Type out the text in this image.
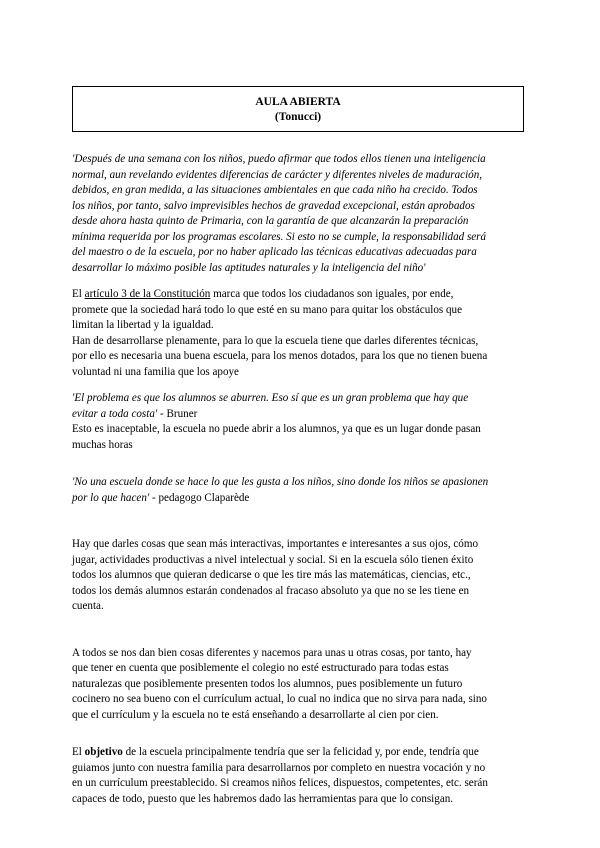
AULA ABIERTA
(Tonucci)

'Después de una semana con los niños, puedo afirmar que todos ellos tienen una inteligencia
normal, aun revelando evidentes diferencias de carácter y diferentes niveles de maduración,
debidos, en gran medida, a las situaciones ambientales en que cada niño ha crecido. Todos
los niños, por tanto, salvo imprevisibles hechos de gravedad excepcional, están aprobados
desde ahora hasta quinto de Primaria, con la garantía de que alcanzarán la preparación
mínima requerida por los programas escolares. Si esto no se cumple, la responsabilidad será
del maestro o de la escuela, por no haber aplicado las técnicas educativas adecuadas para
desarrollar lo máximo posible las aptitudes naturales y la inteligencia del niño'

El artículo 3 de la Constitución marca que todos los ciudadanos son iguales, por ende,
promete que la sociedad hará todo lo que esté en su mano para quitar los obstáculos que
limitan la libertad y la igualdad.
Han de desarrollarse plenamente, para lo que la escuela tiene que darles diferentes técnicas,
por ello es necesaria una buena escuela, para los menos dotados, para los que no tienen buena
voluntad ni una familia que los apoye

'El problema es que los alumnos se aburren. Eso sí que es un gran problema que hay que
evitar a toda costa' - Bruner
Esto es inaceptable, la escuela no puede abrir a los alumnos, ya que es un lugar donde pasan
muchas horas

'No una escuela donde se hace lo que les gusta a los niños, sino donde los niños se apasionen
por lo que hacen' - pedagogo Claparède

Hay que darles cosas que sean más interactivas, importantes e interesantes a sus ojos, cómo
jugar, actividades productivas a nivel intelectual y social. Si en la escuela sólo tienen éxito
todos los alumnos que quieran dedicarse o que les tire más las matemáticas, ciencias, etc.,
todos los demás alumnos estarán condenados al fracaso absoluto ya que no se les tiene en
cuenta.

A todos se nos dan bien cosas diferentes y nacemos para unas u otras cosas, por tanto, hay
que tener en cuenta que posiblemente el colegio no esté estructurado para todas estas
naturalezas que posiblemente presenten todos los alumnos, pues posiblemente un futuro
cocinero no sea bueno con el currículum actual, lo cual no indica que no sirva para nada, sino
que el currículum y la escuela no te está enseñando a desarrollarte al cien por cien.

El objetivo de la escuela principalmente tendría que ser la felicidad y, por ende, tendría que
guiamos junto con nuestra familia para desarrollarnos por completo en nuestra vocación y no
en un currículum preestablecido. Si creamos niños felices, dispuestos, competentes, etc. serán
capaces de todo, puesto que les habremos dado las herramientas para que lo consigan.
